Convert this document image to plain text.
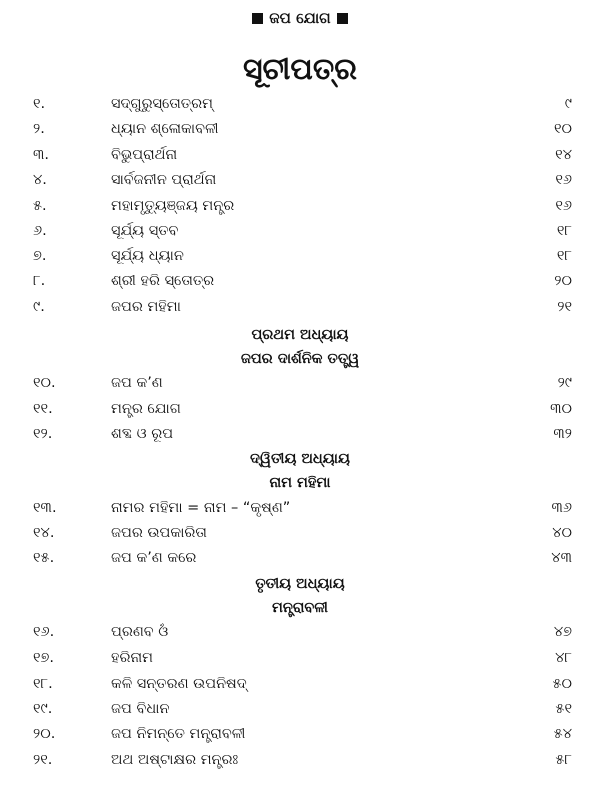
ଜପ ଯୋଗ
ସୂଚୀପତ୍ର
୧.	ସଦ୍‌ଗୁରୁସ୍ତୋତ୍ରମ୍	୯
୨.	ଧ୍ୟାନ ଶ୍ଳୋକାବଳୀ	୧୦
୩.	ବିଭୁପ୍ରାର୍ଥନା	୧୪
୪.	ସାର୍ବଜନୀନ ପ୍ରାର୍ଥନା	୧୬
୫.	ମହାମୃତ୍ୟୁଞ୍ଜୟ ମନ୍ତ୍ର	୧୬
୬.	ସୂର୍ଯ୍ୟ ସ୍ତବ	୧୮
୭.	ସୂର୍ଯ୍ୟ ଧ୍ୟାନ	୧୮
୮.	ଶ୍ରୀ ହରି ସ୍ତୋତ୍ର	୨୦
୯.	ଜପର ମହିମା	୨୧
ପ୍ରଥମ ଅଧ୍ୟାୟ
ଜପର ଦାର୍ଶନିକ ତତ୍ତ୍ୱ
୧୦.	ଜପ କ’ଣ	୨୯
୧୧.	ମନ୍ତ୍ର ଯୋଗ	୩୦
୧୨.	ଶବ୍ଦ ଓ ରୂପ	୩୨
ଦ୍ୱିତୀୟ ଅଧ୍ୟାୟ
ନାମ ମହିମା
୧୩.	ନାମର ମହିମା = ନାମ – “କୃଷ୍ଣ”	୩୬
୧୪.	ଜପର ଉପକାରିତା	୪୦
୧୫.	ଜପ କ’ଣ କରେ	୪୩
ତୃତୀୟ ଅଧ୍ୟାୟ
ମନ୍ତ୍ରାବଳୀ
୧୬.	ପ୍ରଣବ ଓଁ	୪୭
୧୭.	ହରିନାମ	୪୮
୧୮.	କଳି ସନ୍ତରଣ ଉପନିଷଦ୍	୫୦
୧୯.	ଜପ ବିଧାନ	୫୧
୨୦.	ଜପ ନିମନ୍ତେ ମନ୍ତ୍ରାବଳୀ	୫୪
୨୧.	ଅଥ ଅଷ୍ଟାକ୍ଷର ମନ୍ତ୍ରଃ	୫୮
